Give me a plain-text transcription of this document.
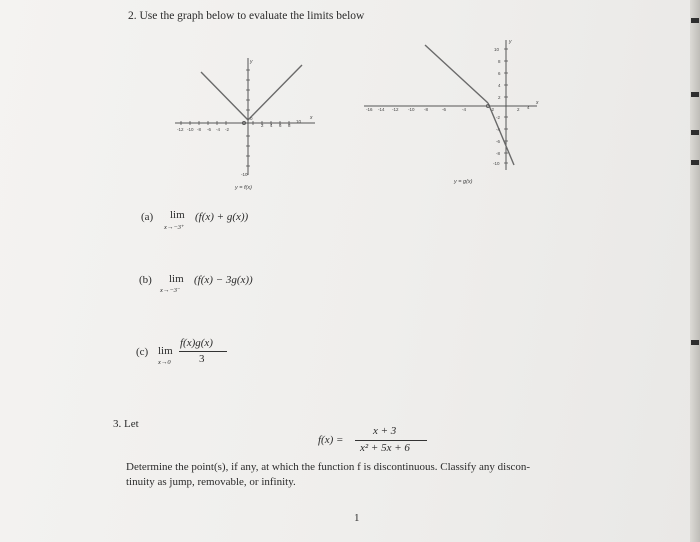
2. Use the graph below to evaluate the limits below
-12 -10 -8 -6 -4 -2
0
2 4 6 8
10
x
y
-10
y = f(x)
-16 -14 -12 -10 -8	-6	-4	-2	2 4
x
y
10
8
6
4
2
-2
-4
-6
-8
-10
y = g(x)
(a) lim
x→−3⁺
(f(x) + g(x))
(b) lim
x→−3⁻
(f(x) − 3g(x))
(c) lim
x→0
f(x)g(x)
3
3. Let
f(x) =
x + 3
x² + 5x + 6
Determine the point(s), if any, at which the function f is discontinuous. Classify any discon-
tinuity as jump, removable, or infinity.
1
